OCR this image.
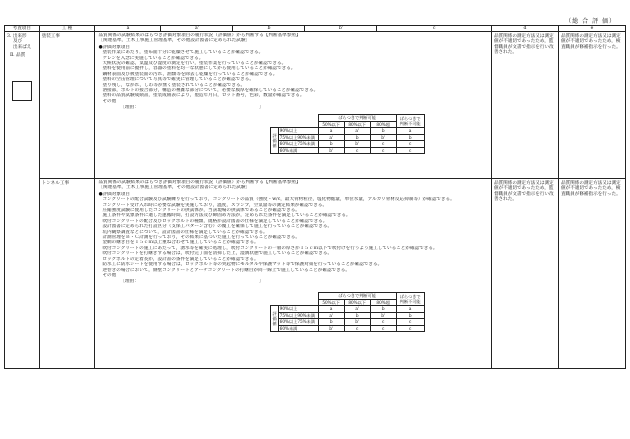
（総 合 評 価）
考査項目	工 種	a	a'	b	b'	c	d	e

3. 出来形
及び
出来ばえ
Ⅱ. 品質

塗装工事	品質関係の試験結果のばらつき評価対象項目の履行状況（評価値）から判断する【判断基準参照】
［関連基準，土木工事施工管理基準，その他設計図書に定められた試験］
●評価対象項目
塗装作業にあたり，塗布面十分に乾燥させて施工していることが確認できる。
ケレンを入念に実施していることが確認できる。
天候状況の確認，気温及び湿度の測定を行い，塗装作業を行っていることが確認できる。
塗料を使用前に攪拌し，容器の塗料を均一な状態にしてから使用していることが確認できる。
鋼材表面及び被塗装面の汚れ，油類等を除去し乾燥を行っていることが確認できる。
塗料の空缶管理について写真等で確実に管理していることが確認できる。
塗り残し，ながれ，しわ等が無く塗装されていることが確認できる。
溶接部，ボルトの接合部分，構造の複雑な部分について，必要な膜厚を確保していることが確認できる。
塗料の品質試験成績書，塗装成績表により，製造年月日，ロット番号，色彩，数量が確認できる。
その他
［理由：	］
	ばらつきで判断可能	ばらつきで判断不可能
	50%以下	80%以下	80%超
評価値	90%以上	a	a'	b	a
75%以上90%未満	a'	b	b'	b
60%以上75%未満	b	b'	c	c
60%未満	b'	c	c	c
	品質関係の測定方法又は測定値が不適切であったため，監督職員が文書で指示を行い改善された。	品質関係の測定方法又は測定値が不適切であったため，検査職員が修補指示を行った。

トンネル工事	品質関係の試験結果のばらつき評価対象項目の履行状況（評価値）から判断する【判断基準参照】
［関連基準，土木工事施工管理基準，その他設計図書に定められた試験］
●評価対象項目
コンクリートの配合試験及び試験練りを行っており，コンクリートの品質（強度・w/c，最大骨材粒径，塩化物総量，単位水量，アルカリ骨材反応抑制等）が確認できる。
コンクリート受け入れ時に必要な試験を実施しており，温度，スランプ，空気量等の測定結果が確認できる。
圧縮強度試験に使用したコンクリートの供試体が，当該現場の供試体であることが確認できる。
施工条件や気象条件に適した運搬時間，打設方法及び締固め方法が，定められた条件を満足していることが確認できる。
吹付コンクリートの配合及びロックボルトの種類，規格が設計図書の仕様を満足していることが確認できる。
設計図書に定められた打設区分（支保工パターン含む）の覆工を確保して施工を行っていることが確認できる。
坑内観察調査などについて，設計図書の仕様を満足していることが確認できる。
計測管理をＢ・Ｃ計測を行っており，その結果に基づいた施工を行っていることが確認できる。
金網の継ぎ目を１５ｃｍ以上重ね合わせて施工していることが確認できる。
吹付コンクリートの施工にあたって，湧水等を確実に処理し，吹付コンクリートの一層の厚さが１５ｃｍ以下で吹付けを行うよう施工していることが確認できる。
吹付コンクリートを打継ぎする場合は，吹付完了面を清掃した上，湿潤状態で施工していることが確認できる。
ロックボルトの定着長が，設計書の条件を満足していることが確認できる。
防水工に防水シートを使用する場合は，ロックボルト等の突起物にモルタルや保護マット等で保護対策を行っていることが確認できる。
逆巻きの場合において，側壁コンクリートとアーチコンクリートの打継目が同一線上で施工していることが確認できる。
その他
［理由：	］
	ばらつきで判断可能	ばらつきで判断不可能
	50%以下	80%以下	80%超
評価値	90%以上	a	a'	b	a
75%以上90%未満	a'	b	b'	b
60%以上75%未満	b	b'	c	c
60%未満	b'	c	c	c
	品質関係の測定方法又は測定値が不適切であったため，監督職員が文書で指示を行い改善された。	品質関係の測定方法又は測定値が不適切であったため，検査職員が修補指示を行った。
